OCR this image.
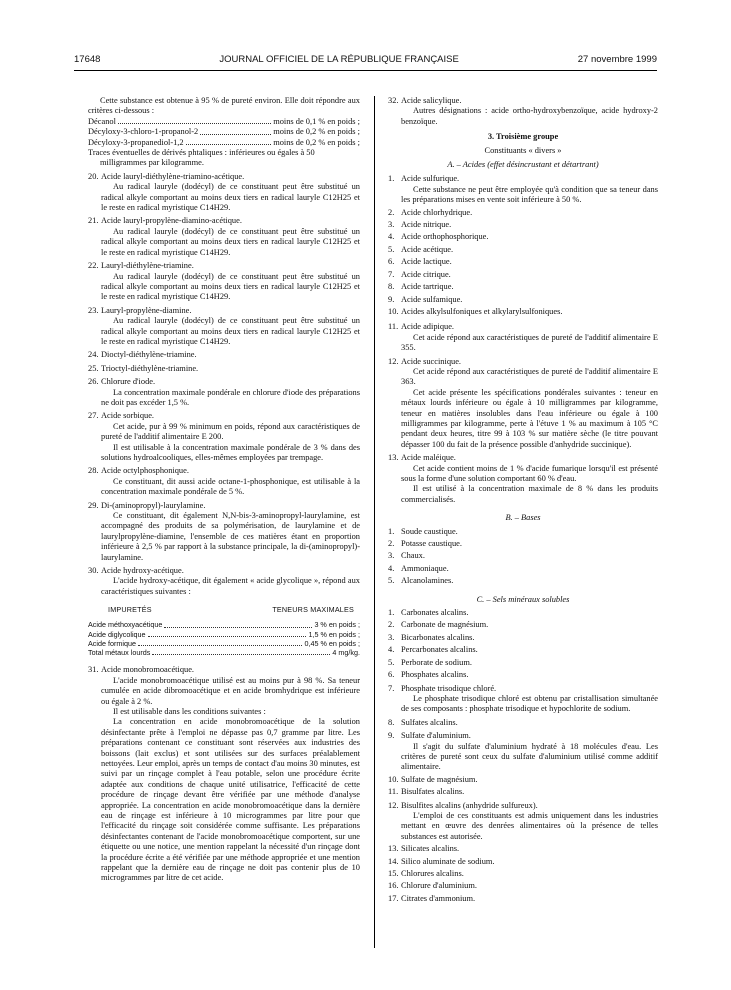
17648	JOURNAL OFFICIEL DE LA RÉPUBLIQUE FRANÇAISE	27 novembre 1999
Cette substance est obtenue à 95 % de pureté environ. Elle doit répondre aux critères ci-dessous :
Décanol	moins de 0,1 % en poids ;
Décyloxy-3-chloro-1-propanol-2	moins de 0,2 % en poids ;
Décyloxy-3-propanediol-1,2	moins de 0,2 % en poids ;
Traces éventuelles de dérivés phtaliques : inférieures ou égales à 50 milligrammes par kilogramme.
20. Acide lauryl-diéthylène-triamino-acétique.
Au radical lauryle (dodécyl) de ce constituant peut être substitué un radical alkyle comportant au moins deux tiers en radical lauryle C12H25 et le reste en radical myristique C14H29.
21. Acide lauryl-propylène-diamino-acétique.
Au radical lauryle (dodécyl) de ce constituant peut être substitué un radical alkyle comportant au moins deux tiers en radical lauryle C12H25 et le reste en radical myristique C14H29.
22. Lauryl-diéthylène-triamine.
Au radical lauryle (dodécyl) de ce constituant peut être substitué un radical alkyle comportant au moins deux tiers en radical lauryle C12H25 et le reste en radical myristique C14H29.
23. Lauryl-propylène-diamine.
Au radical lauryle (dodécyl) de ce constituant peut être substitué un radical alkyle comportant au moins deux tiers en radical lauryle C12H25 et le reste en radical myristique C14H29.
24. Dioctyl-diéthylène-triamine.
25. Trioctyl-diéthylène-triamine.
26. Chlorure d'iode.
La concentration maximale pondérale en chlorure d'iode des préparations ne doit pas excéder 1,5 %.
27. Acide sorbique.
Cet acide, pur à 99 % minimum en poids, répond aux caractéristiques de pureté de l'additif alimentaire E 200.
Il est utilisable à la concentration maximale pondérale de 3 % dans des solutions hydroalcooliques, elles-mêmes employées par trempage.
28. Acide octylphosphonique.
Ce constituant, dit aussi acide octane-1-phosphonique, est utilisable à la concentration maximale pondérale de 5 %.
29. Di-(aminopropyl)-laurylamine.
Ce constituant, dit également N,N-bis-3-aminopropyl-laurylamine, est accompagné des produits de sa polymérisation, de laurylamine et de laurylpropylène-diamine, l'ensemble de ces matières étant en proportion inférieure à 2,5 % par rapport à la substance principale, la di-(aminopropyl)-laurylamine.
30. Acide hydroxy-acétique.
L'acide hydroxy-acétique, dit également « acide glycolique », répond aux caractéristiques suivantes :
IMPURETÉS	TENEURS MAXIMALES
Acide méthoxyacétique	3 % en poids ;
Acide diglycolique	1,5 % en poids ;
Acide formique	0,45 % en poids ;
Total métaux lourds	4 mg/kg.
31. Acide monobromoacétique.
L'acide monobromoacétique utilisé est au moins pur à 98 %. Sa teneur cumulée en acide dibromoacétique et en acide bromhydrique est inférieure ou égale à 2 %.
Il est utilisable dans les conditions suivantes :
La concentration en acide monobromoacétique de la solution désinfectante prête à l'emploi ne dépasse pas 0,7 gramme par litre. Les préparations contenant ce constituant sont réservées aux industries des boissons (lait exclus) et sont utilisées sur des surfaces préalablement nettoyées. Leur emploi, après un temps de contact d'au moins 30 minutes, est suivi par un rinçage complet à l'eau potable, selon une procédure écrite adaptée aux conditions de chaque unité utilisatrice, l'efficacité de cette procédure de rinçage devant être vérifiée par une méthode d'analyse appropriée. La concentration en acide monobromoacétique dans la dernière eau de rinçage est inférieure à 10 microgrammes par litre pour que l'efficacité du rinçage soit considérée comme suffisante. Les préparations désinfectantes contenant de l'acide monobromoacétique comportent, sur une étiquette ou une notice, une mention rappelant la nécessité d'un rinçage dont la procédure écrite a été vérifiée par une méthode appropriée et une mention rappelant que la dernière eau de rinçage ne doit pas contenir plus de 10 microgrammes par litre de cet acide.
32. Acide salicylique.
Autres désignations : acide ortho-hydroxybenzoïque, acide hydroxy-2 benzoïque.
3. Troisième groupe
Constituants « divers »
A. – Acides (effet désincrustant et détartrant)
1. Acide sulfurique.
Cette substance ne peut être employée qu'à condition que sa teneur dans les préparations mises en vente soit inférieure à 50 %.
2. Acide chlorhydrique.
3. Acide nitrique.
4. Acide orthophosphorique.
5. Acide acétique.
6. Acide lactique.
7. Acide citrique.
8. Acide tartrique.
9. Acide sulfamique.
10. Acides alkylsulfoniques et alkylarylsulfoniques.
11. Acide adipique.
Cet acide répond aux caractéristiques de pureté de l'additif alimentaire E 355.
12. Acide succinique.
Cet acide répond aux caractéristiques de pureté de l'additif alimentaire E 363.
Cet acide présente les spécifications pondérales suivantes : teneur en métaux lourds inférieure ou égale à 10 milligrammes par kilogramme, teneur en matières insolubles dans l'eau inférieure ou égale à 100 milligrammes par kilogramme, perte à l'étuve 1 % au maximum à 105 °C pendant deux heures, titre 99 à 103 % sur matière sèche (le titre pouvant dépasser 100 du fait de la présence possible d'anhydride succinique).
13. Acide maléique.
Cet acide contient moins de 1 % d'acide fumarique lorsqu'il est présenté sous la forme d'une solution comportant 60 % d'eau.
Il est utilisé à la concentration maximale de 8 % dans les produits commercialisés.
B. – Bases
1. Soude caustique.
2. Potasse caustique.
3. Chaux.
4. Ammoniaque.
5. Alcanolamines.
C. – Sels minéraux solubles
1. Carbonates alcalins.
2. Carbonate de magnésium.
3. Bicarbonates alcalins.
4. Percarbonates alcalins.
5. Perborate de sodium.
6. Phosphates alcalins.
7. Phosphate trisodique chloré.
Le phosphate trisodique chloré est obtenu par cristallisation simultanée de ses composants : phosphate trisodique et hypochlorite de sodium.
8. Sulfates alcalins.
9. Sulfate d'aluminium.
Il s'agit du sulfate d'aluminium hydraté à 18 molécules d'eau. Les critères de pureté sont ceux du sulfate d'aluminium utilisé comme additif alimentaire.
10. Sulfate de magnésium.
11. Bisulfates alcalins.
12. Bisulfites alcalins (anhydride sulfureux).
L'emploi de ces constituants est admis uniquement dans les industries mettant en œuvre des denrées alimentaires où la présence de telles substances est autorisée.
13. Silicates alcalins.
14. Silico aluminate de sodium.
15. Chlorures alcalins.
16. Chlorure d'aluminium.
17. Citrates d'ammonium.
